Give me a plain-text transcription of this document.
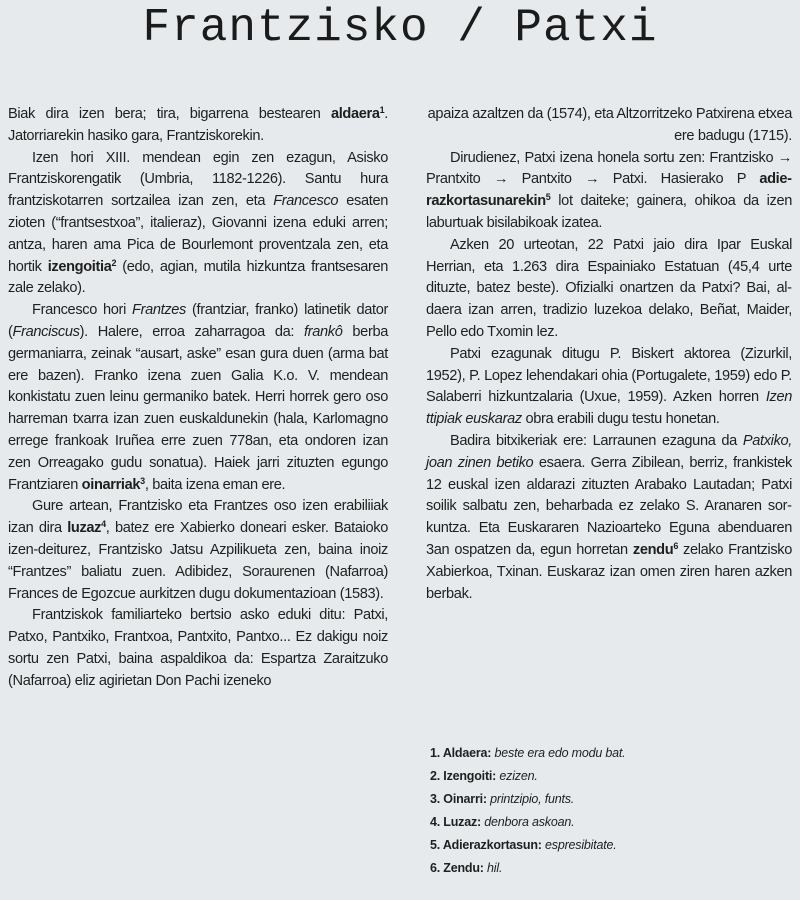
Frantzisko / Patxi

Biak dira izen bera; tira, bigarrena bestearen aldaera$^1$. Jatorriarekin hasiko gara, Frantziskorekin.

Izen hori XIII. mendean egin zen ezagun, Asisko Frantziskorengatik (Umbria, 1182-1226). Santu hura frantziskotarren sortzailea izan zen, eta Francesco esaten zioten (“frantsestxoa”, italieraz), Giovanni izena eduki arren; antza, haren ama Pica de Bourlemont proventzala zen, eta hortik izengoitia$^2$ (edo, agian, mutila hizkuntza frantsesaren zale zelako).

Francesco hori Frantzes (frantziar, franko) latinetik dator (Franciscus). Halere, erroa zaharragoa da: frankô berba germaniarra, zeinak “ausart, aske” esan gura duen (arma bat ere bazen). Franko izena zuen Galia K.o. V. mendean konkistatu zuen leinu germaniko batek. Herri horrek gero oso harreman txarra izan zuen euskaldunekin (hala, Karlomagno erregе frankoak Iruñea erre zuen 778an, eta ondoren izan zen Orreagako gudu sonatua). Haiek jarri zituzten egungo Frantziaren oinarriak$^3$, baita izena eman ere.

Gure artean, Frantzisko eta Frantzes oso izen erabiliiak izan dira luzaz$^4$, batez ere Xabierko doneari esker. Bataioko izen-deiturez, Frantzisko Jatsu Azpilikueta zen, baina inoiz “Frantzes” baliatu zuen. Adibidez, Soraurenen (Nafarroa) Frances de Egozcue aurkitzen dugu dokumentazioan (1583).

Frantziskok familiarteko bertsio asko eduki ditu: Patxi, Patxo, Pantxiko, Frantxoa, Pantxito, Pantxo... Ez dakigu noiz sortu zen Patxi, baina aspaldikoa da: Espartza Zaraitzuko (Nafarroa) eliz agirietan Don Pachi izeneko

apaiza azaltzen da (1574), eta Altzorritzeko Patxirena etxea ere badugu (1715).

Dirudienez, Patxi izena honela sortu zen: Frantzisko → Prantxito → Pantxito → Patxi. Hasierako P adierazkortasunarekin$^5$ lot daiteke; gainera, ohikoa da izen laburtuak bisilabikoak izatea.

Azken 20 urteotan, 22 Patxi jaio dira Ipar Euskal Herrian, eta 1.263 dira Espainiako Estatuan (45,4 urte dituzte, batez beste). Ofizialki onartzen da Patxi? Bai, aldaera izan arren, tradizio luzekoa delako, Beñat, Maider, Pello edo Txomin lez.

Patxi ezagunak ditugu P. Biskert aktorea (Zizurkil, 1952), P. Lopez lehendakari ohia (Portugalete, 1959) edo P. Salaberri hizkuntzalaria (Uxue, 1959). Azken horren Izen ttipiak euskaraz obra erabili dugu testu honetan.

Badira bitxikeriak ere: Larraunen ezaguna da Patxiko, joan zinen betiko esaera. Gerra Zibilean, berriz, frankistek 12 euskal izen aldarazi zituzten Arabako Lautadan; Patxi soilik salbatu zen, beharbada ez zelako S. Aranaren sorkuntza. Eta Euskararen Nazioarteko Eguna abenduaren 3an ospatzen da, egun horretan zendu$^6$ zelako Frantzisko Xabierkoa, Txinan. Euskaraz izan omen ziren haren azken berbak.

1. Aldaera: beste era edo modu bat.
2. Izengoiti: ezizen.
3. Oinarri: printzipio, funts.
4. Luzaz: denbora askoan.
5. Adierazkortasun: espresibitate.
6. Zendu: hil.
